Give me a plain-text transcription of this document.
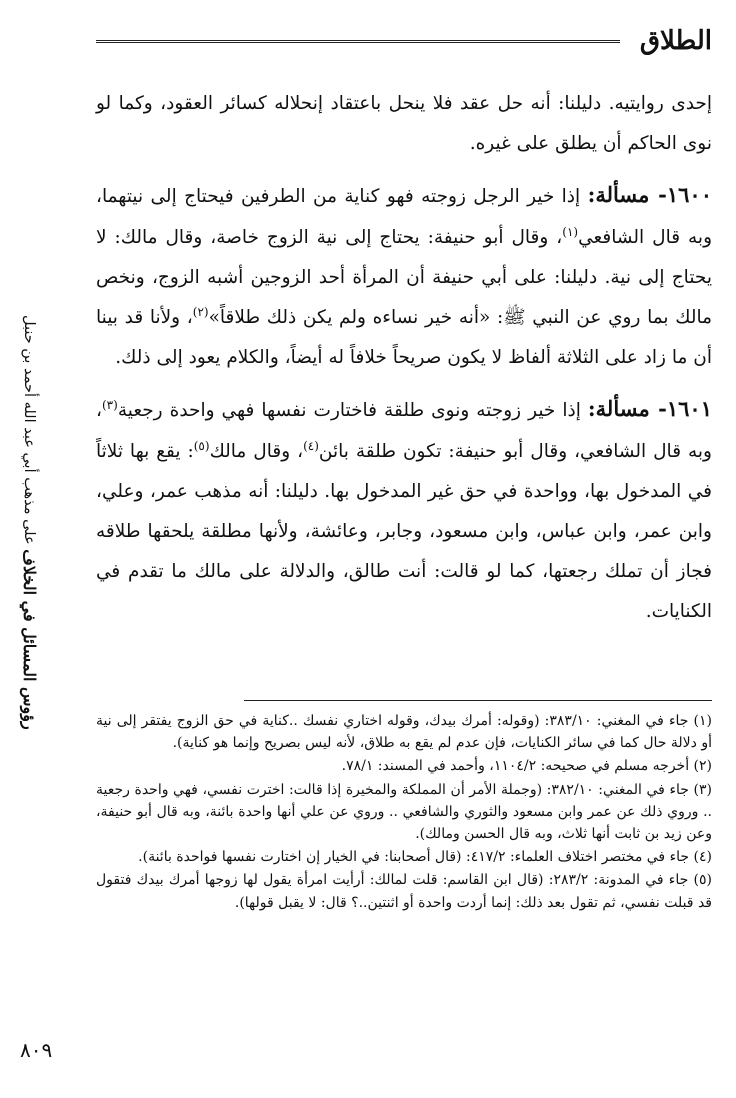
الطلاق
رؤوس المسائل في الخلاف على مذهب أبي عبد الله أحمد بن حنبل

إحدى روايتيه. دليلنا: أنه حل عقد فلا ينحل باعتقاد إنحلاله كسائر العقود، وكما لو نوى الحاكم أن يطلق على غيره.

١٦٠٠- مسألة: إذا خير الرجل زوجته فهو كناية من الطرفين فيحتاج إلى نيتهما، وبه قال الشافعي$^{(١)}$، وقال أبو حنيفة: يحتاج إلى نية الزوج خاصة، وقال مالك: لا يحتاج إلى نية. دليلنا: على أبي حنيفة أن المرأة أحد الزوجين أشبه الزوج، ونخص مالك بما روي عن النبي ﷺ: «أنه خير نساءه ولم يكن ذلك طلاقاً»$^{(٢)}$، ولأنا قد بينا أن ما زاد على الثلاثة ألفاظ لا يكون صريحاً خلافاً له أيضاً، والكلام يعود إلى ذلك.

١٦٠١- مسألة: إذا خير زوجته ونوى طلقة فاختارت نفسها فهي واحدة رجعية$^{(٣)}$، وبه قال الشافعي، وقال أبو حنيفة: تكون طلقة بائن$^{(٤)}$، وقال مالك$^{(٥)}$: يقع بها ثلاثاً في المدخول بها، وواحدة في حق غير المدخول بها. دليلنا: أنه مذهب عمر، وعلي، وابن عمر، وابن عباس، وابن مسعود، وجابر، وعائشة، ولأنها مطلقة يلحقها طلاقه فجاز أن تملك رجعتها، كما لو قالت: أنت طالق، والدلالة على مالك ما تقدم في الكنايات.

(١) جاء في المغني: ٣٨٣/١٠: (وقوله: أمرك بيدك، وقوله اختاري نفسك ..كناية في حق الزوج يفتقر إلى نية أو دلالة حال كما في سائر الكنايات، فإن عدم لم يقع به طلاق، لأنه ليس بصريح وإنما هو كناية).

(٢) أخرجه مسلم في صحيحه: ١١٠٤/٢، وأحمد في المسند: ٧٨/١.

(٣) جاء في المغني: ٣٨٢/١٠: (وجملة الأمر أن المملكة والمخيرة إذا قالت: اخترت نفسي، فهي واحدة رجعية .. وروي ذلك عن عمر وابن مسعود والثوري والشافعي .. وروي عن علي أنها واحدة بائنة، وبه قال أبو حنيفة، وعن زيد بن ثابت أنها ثلاث، وبه قال الحسن ومالك).

(٤) جاء في مختصر اختلاف العلماء: ٤١٧/٢: (قال أصحابنا: في الخيار إن اختارت نفسها فواحدة بائنة).

(٥) جاء في المدونة: ٢٨٣/٢: (قال ابن القاسم: قلت لمالك: أرأيت امرأة يقول لها زوجها أمرك بيدك فتقول قد قبلت نفسي، ثم تقول بعد ذلك: إنما أردت واحدة أو اثنتين..؟ قال: لا يقبل قولها).

٨٠٩
